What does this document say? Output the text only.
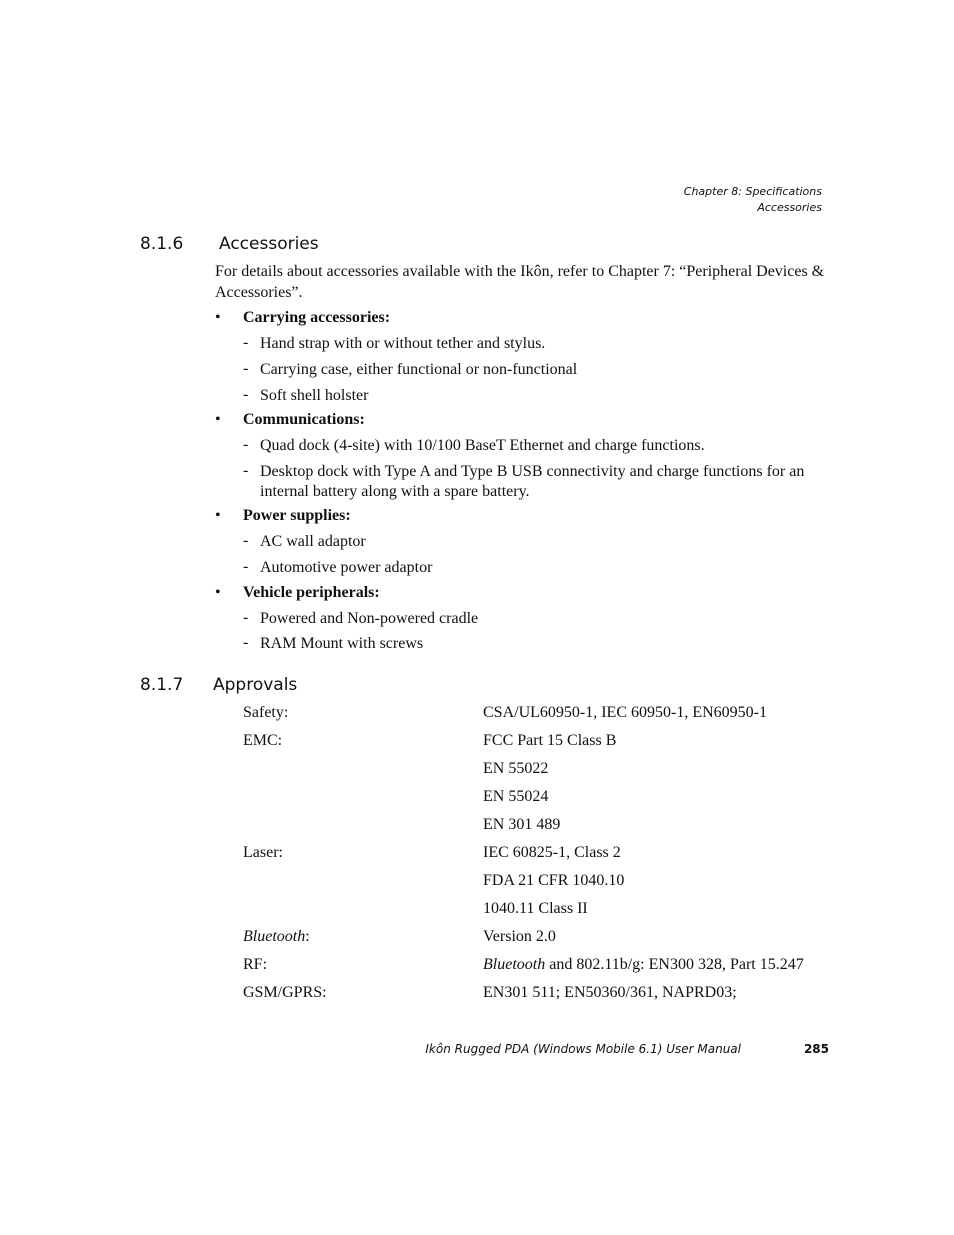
Chapter 8: Specifications
Accessories
8.1.6 Accessories
For details about accessories available with the Ikôn, refer to Chapter 7: “Peripheral Devices & Accessories”.
• Carrying accessories:
- Hand strap with or without tether and stylus.
- Carrying case, either functional or non-functional
- Soft shell holster
• Communications:
- Quad dock (4-site) with 10/100 BaseT Ethernet and charge functions.
- Desktop dock with Type A and Type B USB connectivity and charge functions for an internal battery along with a spare battery.
• Power supplies:
- AC wall adaptor
- Automotive power adaptor
• Vehicle peripherals:
- Powered and Non-powered cradle
- RAM Mount with screws
8.1.7 Approvals
Safety:	CSA/UL60950-1, IEC 60950-1, EN60950-1
EMC:	FCC Part 15 Class B
EN 55022
EN 55024
EN 301 489
Laser:	IEC 60825-1, Class 2
FDA 21 CFR 1040.10
1040.11 Class II
Bluetooth:	Version 2.0
RF:	Bluetooth and 802.11b/g: EN300 328, Part 15.247
GSM/GPRS:	EN301 511; EN50360/361, NAPRD03;
Ikôn Rugged PDA (Windows Mobile 6.1) User Manual	285
